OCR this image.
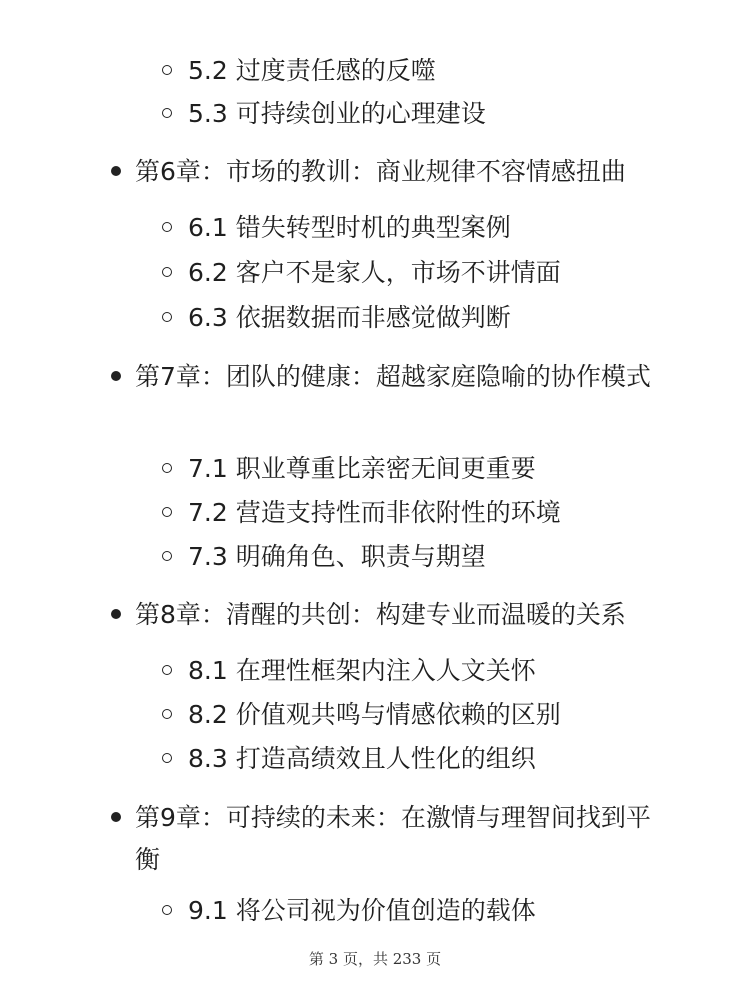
5.2 过度责任感的反噬
5.3 可持续创业的心理建设
第6章：市场的教训：商业规律不容情感扭曲
6.1 错失转型时机的典型案例
6.2 客户不是家人，市场不讲情面
6.3 依据数据而非感觉做判断
第7章：团队的健康：超越家庭隐喻的协作模式
7.1 职业尊重比亲密无间更重要
7.2 营造支持性而非依附性的环境
7.3 明确角色、职责与期望
第8章：清醒的共创：构建专业而温暖的关系
8.1 在理性框架内注入人文关怀
8.2 价值观共鸣与情感依赖的区别
8.3 打造高绩效且人性化的组织
第9章：可持续的未来：在激情与理智间找到平衡
9.1 将公司视为价值创造的载体
第 3 页，共 233 页
